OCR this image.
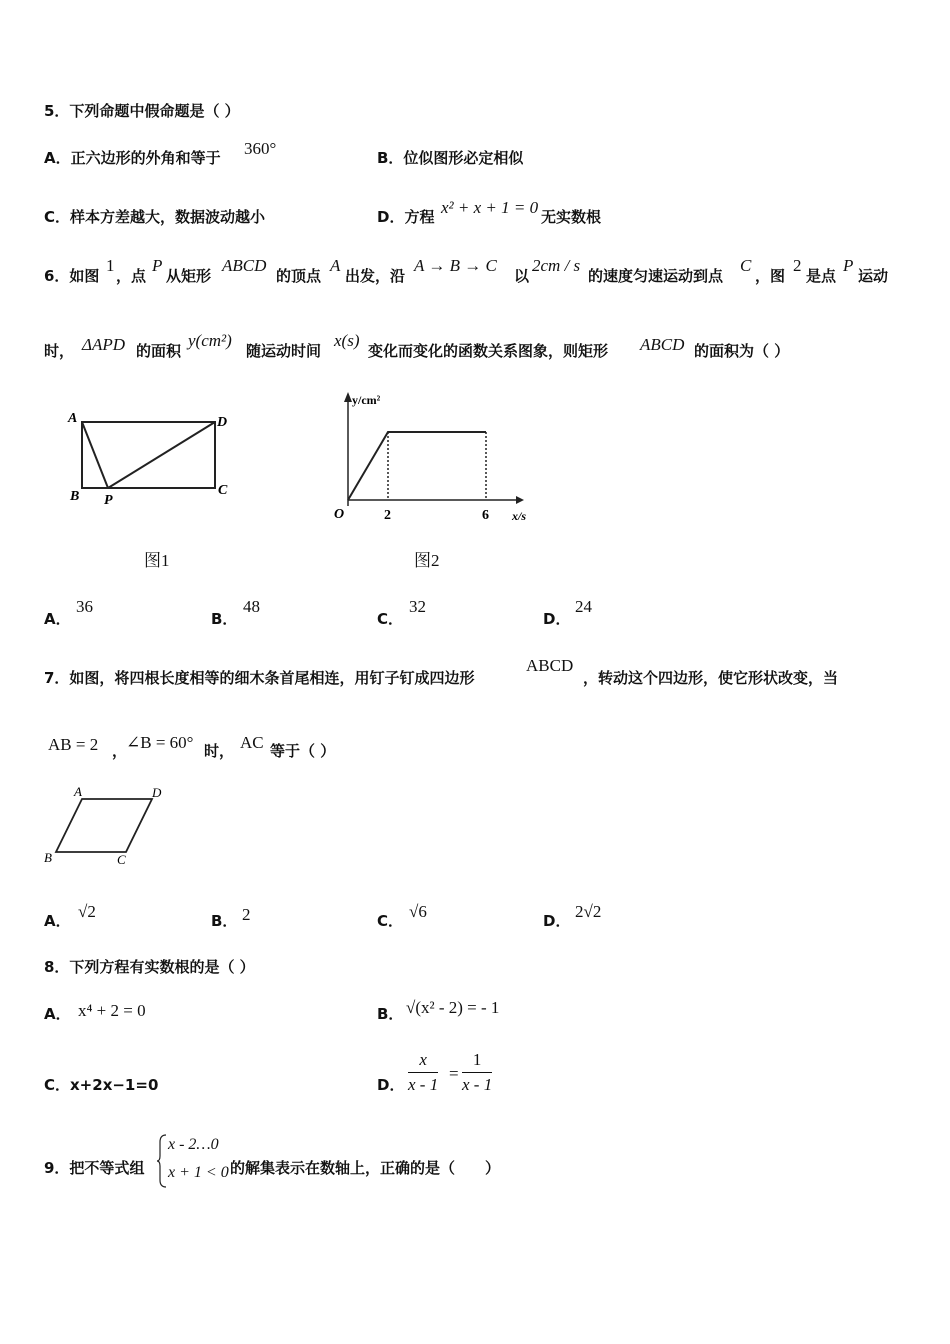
5．下列命题中假命题是（ ）
A．正六边形的外角和等于 360°	B．位似图形必定相似
C．样本方差越大，数据波动越小	D．方程 x² + x + 1 = 0 无实数根
6．如图
1
，点
P
从矩形
ABCD
的顶点
A
出发，沿
A → B → C
以
2cm / s
的速度匀速运动到点
C
，图
2
是点
P
运动
时， ΔAPD 的面积
y(cm²)
随运动时间
x(s)
变化而变化的函数关系图象，则矩形 ABCD 的面积为（ ）
A
B P
C
D
图1
y/cm²
O	2	6 x/s
图2
A．
36
B．
48
C．
32
D．
24
7．如图，将四根长度相等的细木条首尾相连，用钉子钉成四边形
ABCD
，转动这个四边形，使它形状改变，当
AB = 2 ，
∠B = 60° 时， AC 等于（ ）
A	D
B	C
A． √2	B． 2	C． √6	D． 2√2
8．下列方程有实数根的是（ ）
A． x⁴ + 2 = 0	B． √(x² - 2) = - 1
C．x+2x−1=0	D． $\frac{x}{x - 1} = \frac{1}{x - 1}$
9．把不等式组
x - 2…0
x + 1 < 0 的解集表示在数轴上，正确的是（　　）
